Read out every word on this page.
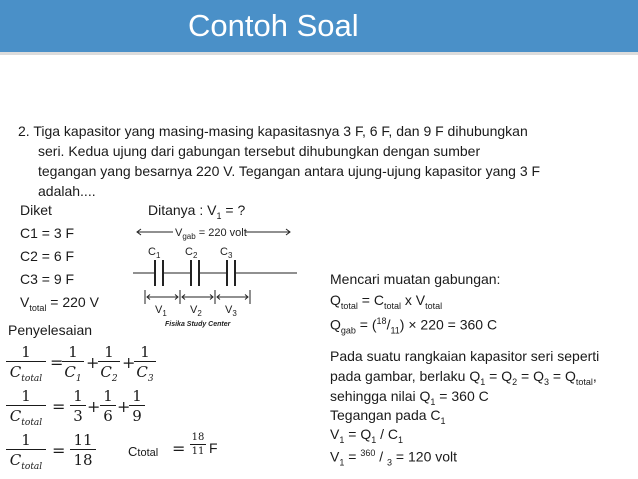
Contoh Soal
2. Tiga kapasitor yang masing-masing kapasitasnya 3 F, 6 F, dan 9 F dihubungkan
seri. Kedua ujung dari gabungan tersebut dihubungkan dengan sumber
tegangan yang besarnya 220 V. Tegangan antara ujung-ujung kapasitor yang 3 F
adalah....
Diket
C1 = 3 F
C2 = 6 F
C3 = 9 F
$V_{total} = 220$ V
Ditanya : $V_1$ = ?
$V_{gab} = 220$ volt
$C_1$ $C_2$ $C_3$
$V_1$ $V_2$ $V_3$
Fisika Study Center
Penyelesaian
1
$C_{total}$
=
$\frac{1}{C_1}$ +
$\frac{1}{C_2}$ +
$\frac{1}{C_3}$
1
$C_{total}$
= $\frac{1}{3} + \frac{1}{6}$ +
$\frac{1}{9}$
1
$C_{total}$
= $\frac{11}{18}$ Ctotal = $\frac{18}{11}$ F
Mencari muatan gabungan:
$Q_{total} = C_{total}$ x $V_{total}$
$Q_{gab} = (^{18}/_{11}) \times 220 = 360$ C
Pada suatu rangkaian kapasitor seri seperti
pada gambar, berlaku $Q_1 = Q_2 = Q_3 = Q_{total}$,
sehingga nilai $Q_1 = 360$ C
Tegangan pada $C_1$
$V_1 = Q_1 / C_1$
$V_1 = ^{360} / _3 = 120$ volt
